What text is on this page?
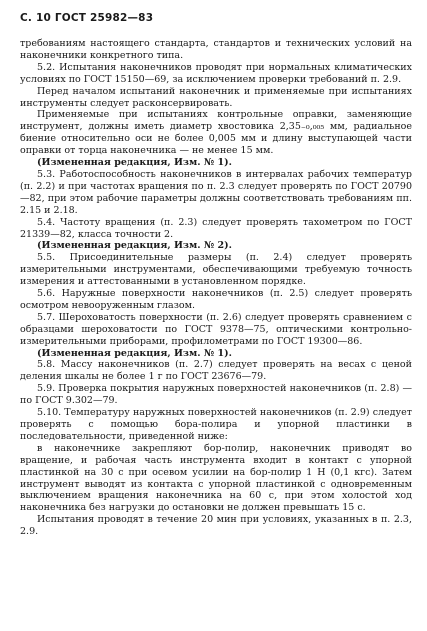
С. 10 ГОСТ 25982—83

требованиям настоящего стандарта, стандартов и технических условий на наконечники конкретного типа.

5.2. Испытания наконечников проводят при нормальных климатических условиях по ГОСТ 15150—69, за исключением проверки требований п. 2.9.

Перед началом испытаний наконечник и применяемые при испытаниях инструменты следует расконсервировать.

Применяемые при испытаниях контрольные оправки, заменяющие инструмент, должны иметь диаметр хвостовика 2,35₋₀,₀₀₅ мм, радиальное биение относительно оси не более 0,005 мм и длину выступающей части оправки от торца наконечника — не менее 15 мм.

(Измененная редакция, Изм. № 1).

5.3. Работоспособность наконечников в интервалах рабочих температур (п. 2.2) и при частотах вращения по п. 2.3 следует проверять по ГОСТ 20790—82, при этом рабочие параметры должны соответствовать требованиям пп. 2.15 и 2.18.

5.4. Частоту вращения (п. 2.3) следует проверять тахометром по ГОСТ 21339—82, класса точности 2.

(Измененная редакция, Изм. № 2).

5.5. Присоединительные размеры (п. 2.4) следует проверять измерительными инструментами, обеспечивающими требуемую точность измерения и аттестованными в установленном порядке.

5.6. Наружные поверхности наконечников (п. 2.5) следует проверять осмотром невооруженным глазом.

5.7. Шероховатость поверхности (п. 2.6) следует проверять сравнением с образцами шероховатости по ГОСТ 9378—75, оптическими контрольно-измерительными приборами, профилометрами по ГОСТ 19300—86.

(Измененная редакция, Изм. № 1).

5.8. Массу наконечников (п. 2.7) следует проверять на весах с ценой деления шкалы не более 1 г по ГОСТ 23676—79.

5.9. Проверка покрытия наружных поверхностей наконечников (п. 2.8) — по ГОСТ 9.302—79.

5.10. Температуру наружных поверхностей наконечников (п. 2.9) следует проверять с помощью бора-полира и упорной пластинки в последовательности, приведенной ниже:

в наконечнике закрепляют бор-полир, наконечник приводят во вращение, и рабочая часть инструмента входит в контакт с упорной пластинкой на 30 с при осевом усилии на бор-полир 1 Н (0,1 кгс). Затем инструмент выводят из контакта с упорной пластинкой с одновременным выключением вращения наконечника на 60 с, при этом холостой ход наконечника без нагрузки до остановки не должен превышать 15 с.

Испытания проводят в течение 20 мин при условиях, указанных в п. 2.3, 2.9.
